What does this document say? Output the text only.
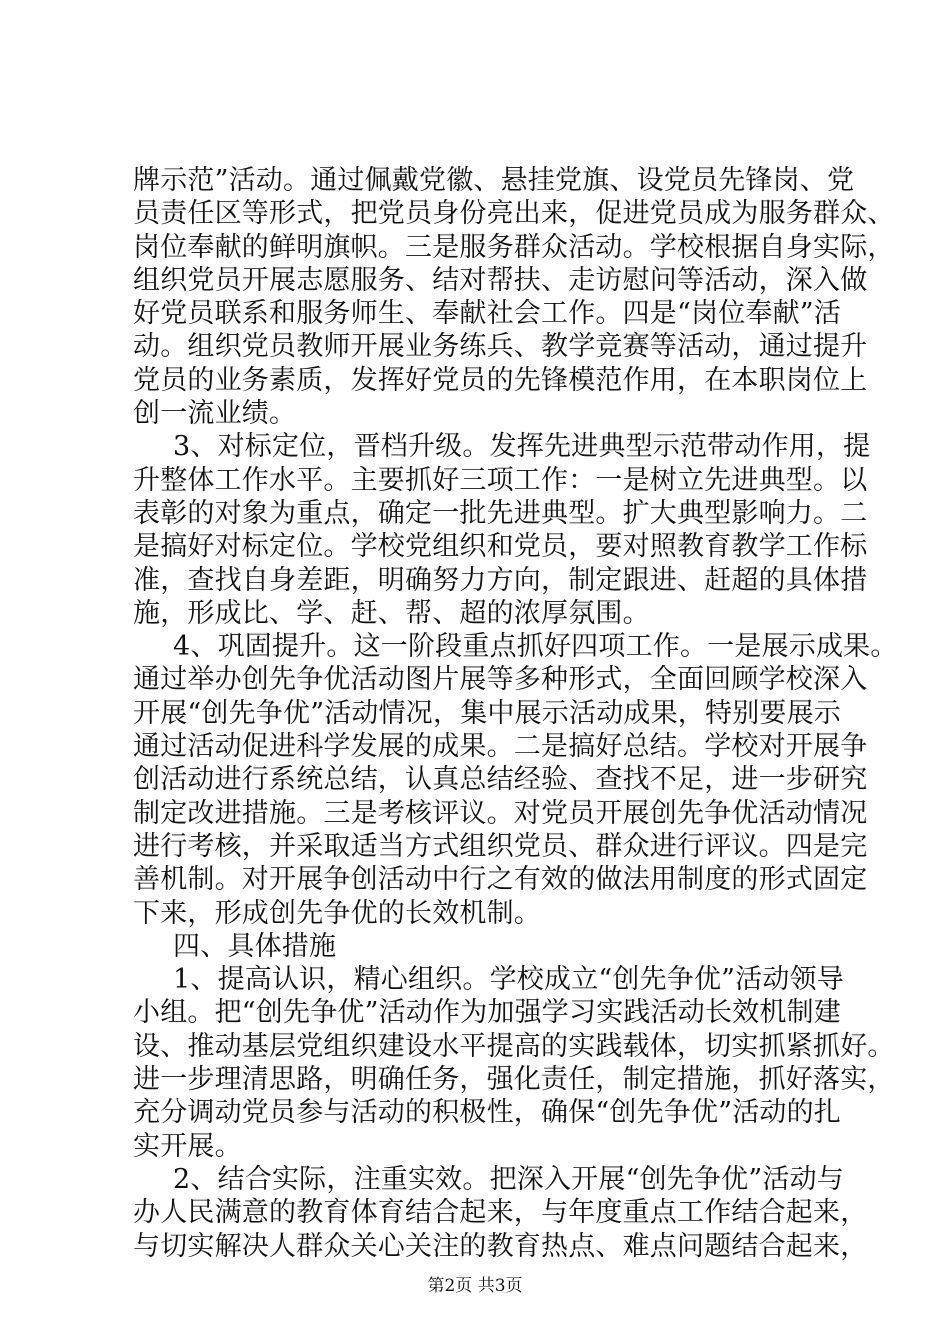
牌示范”活动。通过佩戴党徽、悬挂党旗、设党员先锋岗、党
员责任区等形式，把党员身份亮出来，促进党员成为服务群众、
岗位奉献的鲜明旗帜。三是服务群众活动。学校根据自身实际，
组织党员开展志愿服务、结对帮扶、走访慰问等活动，深入做
好党员联系和服务师生、奉献社会工作。四是“岗位奉献”活
动。组织党员教师开展业务练兵、教学竞赛等活动，通过提升
党员的业务素质，发挥好党员的先锋模范作用，在本职岗位上
创一流业绩。
3、对标定位，晋档升级。发挥先进典型示范带动作用，提
升整体工作水平。主要抓好三项工作：一是树立先进典型。以
表彰的对象为重点，确定一批先进典型。扩大典型影响力。二
是搞好对标定位。学校党组织和党员，要对照教育教学工作标
准，查找自身差距，明确努力方向，制定跟进、赶超的具体措
施，形成比、学、赶、帮、超的浓厚氛围。
4、巩固提升。这一阶段重点抓好四项工作。一是展示成果。
通过举办创先争优活动图片展等多种形式，全面回顾学校深入
开展“创先争优”活动情况，集中展示活动成果，特别要展示
通过活动促进科学发展的成果。二是搞好总结。学校对开展争
创活动进行系统总结，认真总结经验、查找不足，进一步研究
制定改进措施。三是考核评议。对党员开展创先争优活动情况
进行考核，并采取适当方式组织党员、群众进行评议。四是完
善机制。对开展争创活动中行之有效的做法用制度的形式固定
下来，形成创先争优的长效机制。
四、具体措施
1、提高认识，精心组织。学校成立“创先争优”活动领导
小组。把“创先争优”活动作为加强学习实践活动长效机制建
设、推动基层党组织建设水平提高的实践载体，切实抓紧抓好。
进一步理清思路，明确任务，强化责任，制定措施，抓好落实，
充分调动党员参与活动的积极性，确保“创先争优”活动的扎
实开展。
2、结合实际，注重实效。把深入开展“创先争优”活动与
办人民满意的教育体育结合起来，与年度重点工作结合起来，
与切实解决人群众关心关注的教育热点、难点问题结合起来，
第2页 共3页
